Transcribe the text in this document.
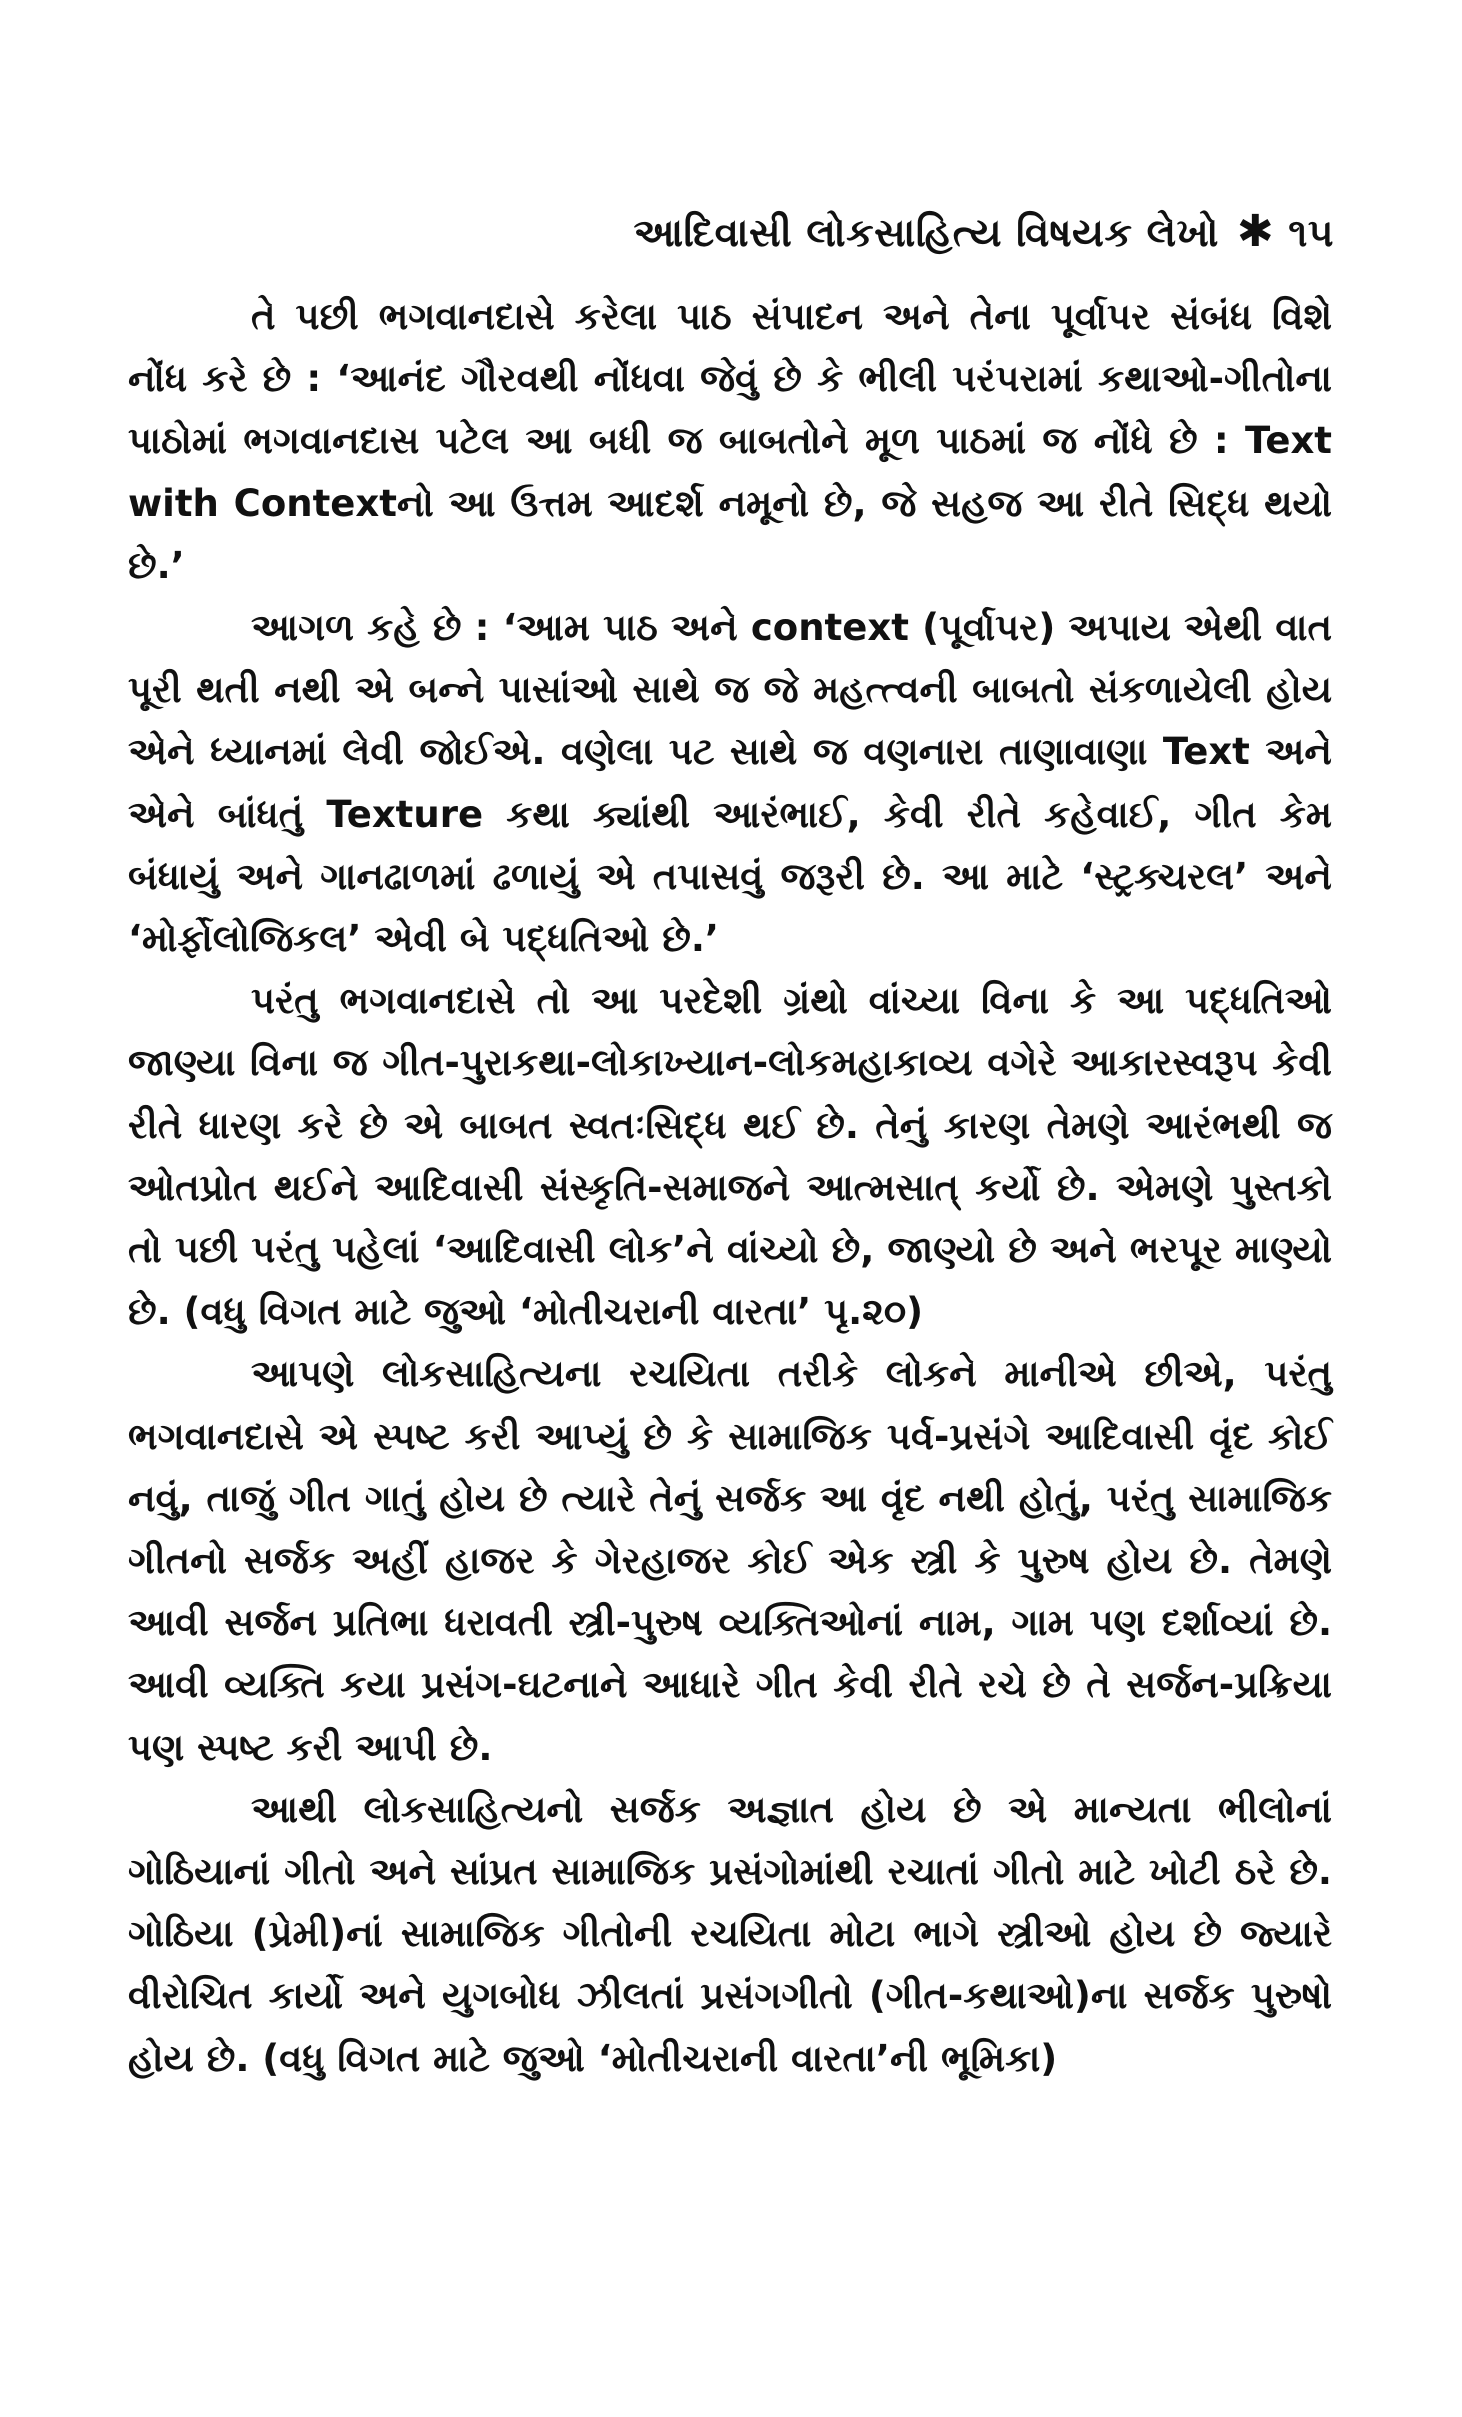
આદિવાસી લોકસાહિત્ય વિષયક લેખો ✱ ૧૫

તે પછી ભગવાનદાસે કરેલા પાઠ સંપાદન અને તેના પૂર્વાપર સંબંધ વિશે નોંધ કરે છે : ‘આનંદ ગૌરવથી નોંધવા જેવું છે કે ભીલી પરંપરામાં કથાઓ-ગીતોના પાઠોમાં ભગવાનદાસ પટેલ આ બધી જ બાબતોને મૂળ પાઠમાં જ નોંધે છે : Text with Contextનો આ ઉત્તમ આદર્શ નમૂનો છે, જે સહજ આ રીતે સિદ્ધ થયો છે.’

આગળ કહે છે : ‘આમ પાઠ અને context (પૂર્વાપર) અપાય એથી વાત પૂરી થતી નથી એ બન્ને પાસાંઓ સાથે જ જે મહત્ત્વની બાબતો સંકળાયેલી હોય એને ધ્યાનમાં લેવી જોઈએ. વણેલા પટ સાથે જ વણનારા તાણાવાણા Text અને એને બાંધતું Texture કથા ક્યાંથી આરંભાઈ, કેવી રીતે કહેવાઈ, ગીત કેમ બંધાયું અને ગાનઢાળમાં ઢળાયું એ તપાસવું જરૂરી છે. આ માટે ‘સ્ટ્રક્ચરલ’ અને ‘મોર્ફોલોજિકલ’ એવી બે પદ્ધતિઓ છે.’

પરંતુ ભગવાનદાસે તો આ પરદેશી ગ્રંથો વાંચ્યા વિના કે આ પદ્ધતિઓ જાણ્યા વિના જ ગીત-પુરાકથા-લોકાખ્યાન-લોકમહાકાવ્ય વગેરે આકારસ્વરૂપ કેવી રીતે ધારણ કરે છે એ બાબત સ્વતઃસિદ્ધ થઈ છે. તેનું કારણ તેમણે આરંભથી જ ઓતપ્રોત થઈને આદિવાસી સંસ્કૃતિ-સમાજને આત્મસાત્ કર્યો છે. એમણે પુસ્તકો તો પછી પરંતુ પહેલાં ‘આદિવાસી લોક’ને વાંચ્યો છે, જાણ્યો છે અને ભરપૂર માણ્યો છે. (વધુ વિગત માટે જુઓ ‘મોતીચરાની વારતા’ પૃ.૨૦)

આપણે લોકસાહિત્યના રચયિતા તરીકે લોકને માનીએ છીએ, પરંતુ ભગવાનદાસે એ સ્પષ્ટ કરી આપ્યું છે કે સામાજિક પર્વ-પ્રસંગે આદિવાસી વૃંદ કોઈ નવું, તાજું ગીત ગાતું હોય છે ત્યારે તેનું સર્જક આ વૃંદ નથી હોતું, પરંતુ સામાજિક ગીતનો સર્જક અહીં હાજર કે ગેરહાજર કોઈ એક સ્ત્રી કે પુરુષ હોય છે. તેમણે આવી સર્જન પ્રતિભા ધરાવતી સ્ત્રી-પુરુષ વ્યક્તિઓનાં નામ, ગામ પણ દર્શાવ્યાં છે. આવી વ્યક્તિ કયા પ્રસંગ-ઘટનાને આધારે ગીત કેવી રીતે રચે છે તે સર્જન-પ્રક્રિયા પણ સ્પષ્ટ કરી આપી છે.

આથી લોકસાહિત્યનો સર્જક અજ્ઞાત હોય છે એ માન્યતા ભીલોનાં ગોઠિયાનાં ગીતો અને સાંપ્રત સામાજિક પ્રસંગોમાંથી રચાતાં ગીતો માટે ખોટી ઠરે છે. ગોઠિયા (પ્રેમી)નાં સામાજિક ગીતોની રચયિતા મોટા ભાગે સ્ત્રીઓ હોય છે જ્યારે વીરોચિત કાર્યો અને યુગબોધ ઝીલતાં પ્રસંગગીતો (ગીત-કથાઓ)ના સર્જક પુરુષો હોય છે. (વધુ વિગત માટે જુઓ ‘મોતીચરાની વારતા’ની ભૂમિકા)
